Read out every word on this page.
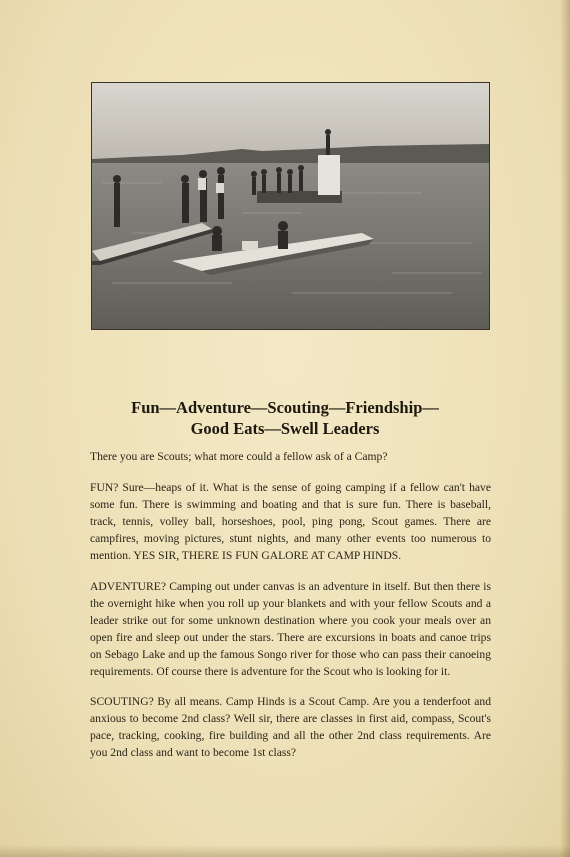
Fun—Adventure—Scouting—Friendship—
Good Eats—Swell Leaders

There you are Scouts; what more could a fellow ask of a Camp?

FUN? Sure—heaps of it. What is the sense of going camping if a fellow can't have some fun. There is swimming and boating and that is sure fun. There is baseball, track, tennis, volley ball, horseshoes, pool, ping pong, Scout games. There are campfires, moving pictures, stunt nights, and many other events too numerous to mention. YES SIR, THERE IS FUN GALORE AT CAMP HINDS.

ADVENTURE? Camping out under canvas is an adventure in itself. But then there is the overnight hike when you roll up your blankets and with your fellow Scouts and a leader strike out for some unknown destination where you cook your meals over an open fire and sleep out under the stars. There are excursions in boats and canoe trips on Sebago Lake and up the famous Songo river for those who can pass their canoeing requirements. Of course there is adventure for the Scout who is looking for it.

SCOUTING? By all means. Camp Hinds is a Scout Camp. Are you a tenderfoot and anxious to become 2nd class? Well sir, there are classes in first aid, compass, Scout's pace, tracking, cooking, fire building and all the other 2nd class requirements. Are you 2nd class and want to become 1st class?
